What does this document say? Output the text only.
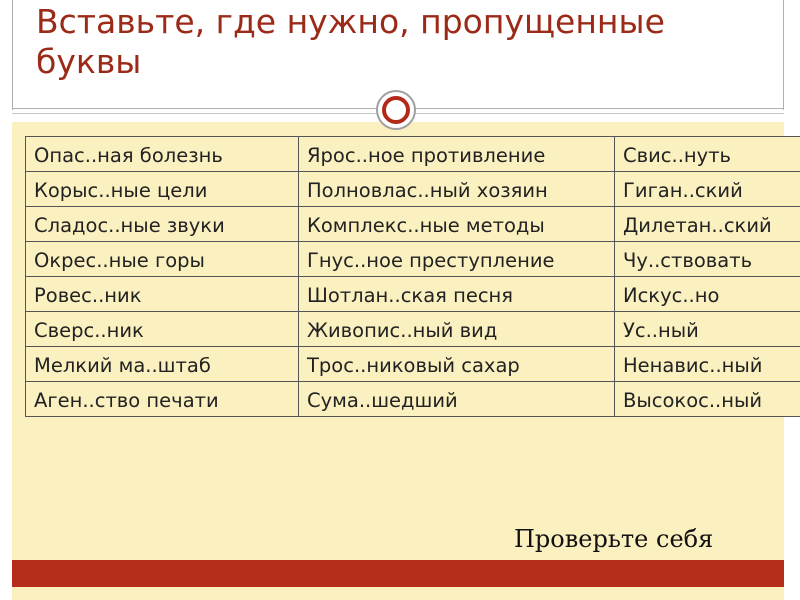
Вставьте, где нужно, пропущенные буквы
Опас..ная болезнь	Ярос..ное противление	Свис..нуть
Корыс..ные цели	Полновлас..ный хозяин	Гиган..ский
Сладос..ные звуки	Комплекс..ные методы	Дилетан..ский
Окрес..ные горы	Гнус..ное преступление	Чу..ствовать
Ровес..ник	Шотлан..ская песня	Искус..но
Сверс..ник	Живопис..ный вид	Ус..ный
Мелкий ма..штаб	Трос..никовый сахар	Ненавис..ный
Аген..ство печати	Сума..шедший	Высокос..ный
Проверьте себя
